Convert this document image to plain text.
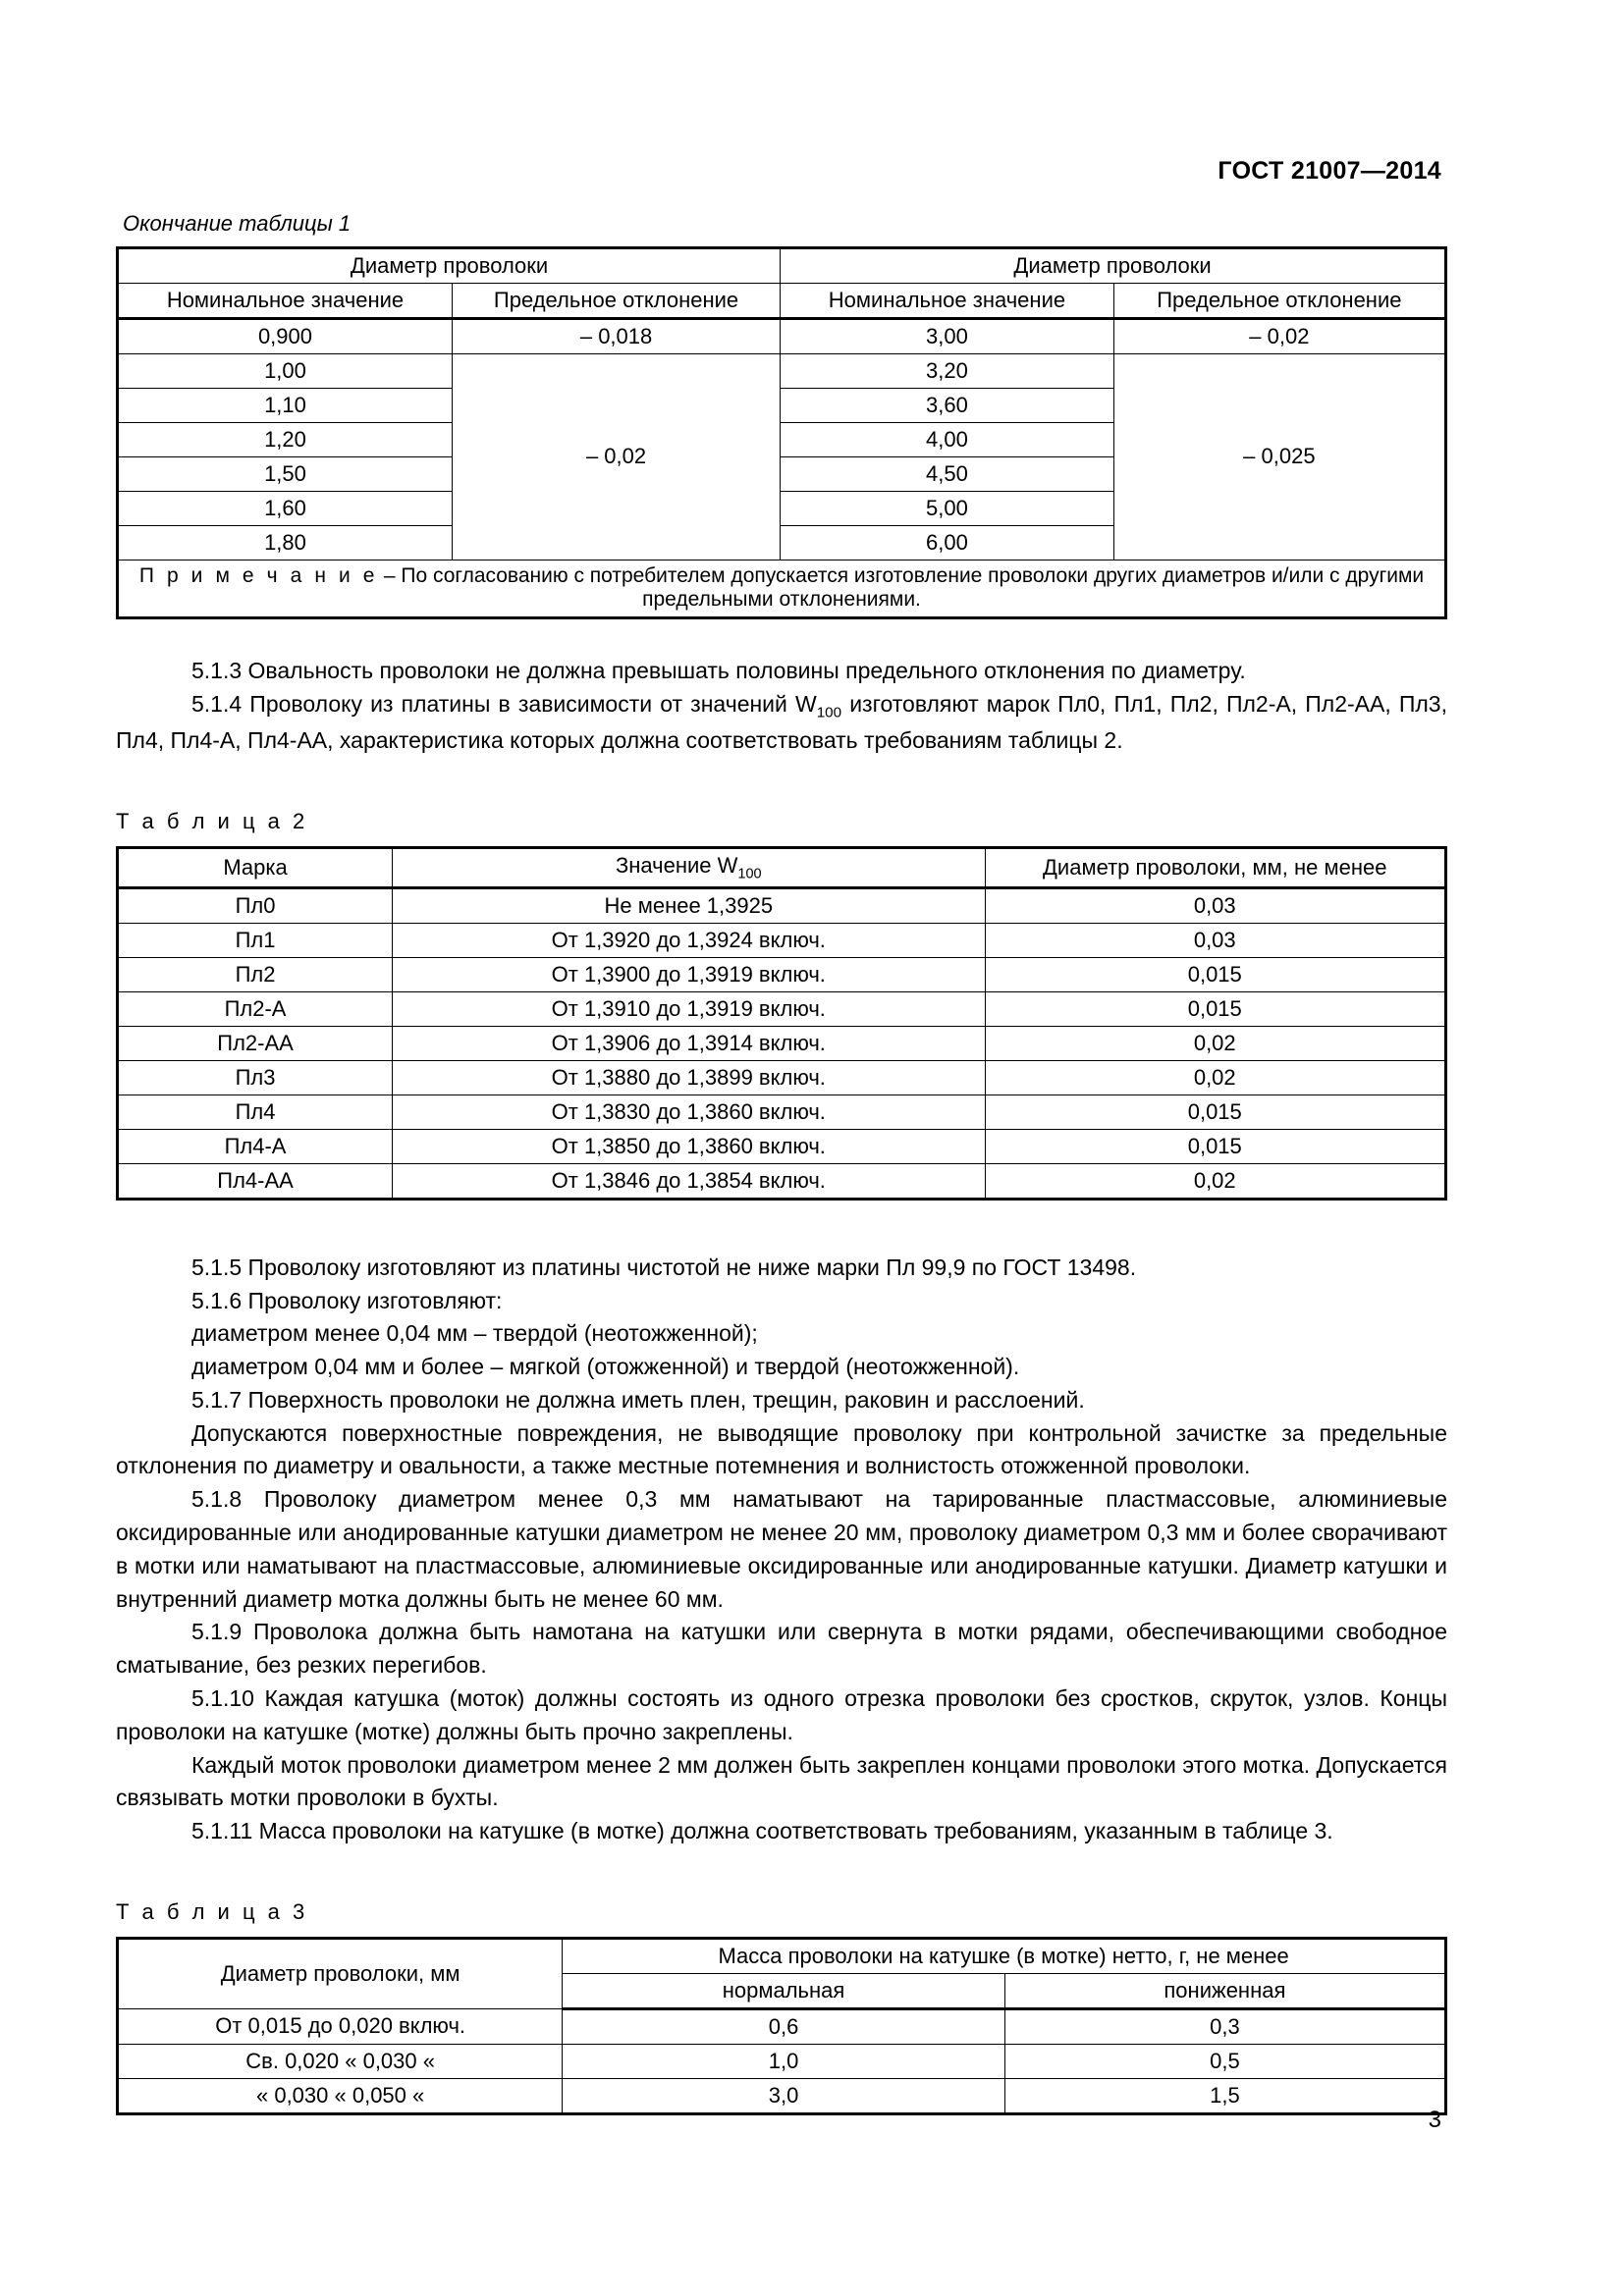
ГОСТ 21007—2014
Окончание таблицы 1
Диаметр проволоки		Диаметр проволоки	
Номинальное значение	Предельное отклонение	Номинальное значение	Предельное отклонение
0,900	– 0,018	3,00	– 0,02
1,00	– 0,02	3,20	– 0,025
1,10		3,60	
1,20		4,00	
1,50		4,50	
1,60		5,00	
1,80		6,00	
П р и м е ч а н и е – По согласованию с потребителем допускается изготовление проволоки других диаметров и/или с другими предельными отклонениями.			

5.1.3 Овальность проволоки не должна превышать половины предельного отклонения по диаметру.

5.1.4 Проволоку из платины в зависимости от значений $W_{100}$ изготовляют марок Пл0, Пл1, Пл2, Пл2-А, Пл2-АА, Пл3, Пл4, Пл4-А, Пл4-АА, характеристика которых должна соответствовать требованиям таблицы 2.

Т а б л и ц а 2
Марка	Значение $W_{100}$	Диаметр проволоки, мм, не менее
Пл0	Не менее 1,3925	0,03
Пл1	От 1,3920 до 1,3924 включ.	0,03
Пл2	От 1,3900 до 1,3919 включ.	0,015
Пл2-А	От 1,3910 до 1,3919 включ.	0,015
Пл2-АА	От 1,3906 до 1,3914 включ.	0,02
Пл3	От 1,3880 до 1,3899 включ.	0,02
Пл4	От 1,3830 до 1,3860 включ.	0,015
Пл4-А	От 1,3850 до 1,3860 включ.	0,015
Пл4-АА	От 1,3846 до 1,3854 включ.	0,02

5.1.5 Проволоку изготовляют из платины чистотой не ниже марки Пл 99,9 по ГОСТ 13498.

5.1.6 Проволоку изготовляют:

диаметром менее 0,04 мм – твердой (неотожженной);

диаметром 0,04 мм и более – мягкой (отожженной) и твердой (неотожженной).

5.1.7 Поверхность проволоки не должна иметь плен, трещин, раковин и расслоений.

Допускаются поверхностные повреждения, не выводящие проволоку при контрольной зачистке за предельные отклонения по диаметру и овальности, а также местные потемнения и волнистость отожженной проволоки.

5.1.8 Проволоку диаметром менее 0,3 мм наматывают на тарированные пластмассовые, алюминиевые оксидированные или анодированные катушки диаметром не менее 20 мм, проволоку диаметром 0,3 мм и более сворачивают в мотки или наматывают на пластмассовые, алюминиевые оксидированные или анодированные катушки. Диаметр катушки и внутренний диаметр мотка должны быть не менее 60 мм.

5.1.9 Проволока должна быть намотана на катушки или свернута в мотки рядами, обеспечивающими свободное сматывание, без резких перегибов.

5.1.10 Каждая катушка (моток) должны состоять из одного отрезка проволоки без сростков, скруток, узлов. Концы проволоки на катушке (мотке) должны быть прочно закреплены.

Каждый моток проволоки диаметром менее 2 мм должен быть закреплен концами проволоки этого мотка. Допускается связывать мотки проволоки в бухты.

5.1.11 Масса проволоки на катушке (в мотке) должна соответствовать требованиям, указанным в таблице 3.

Т а б л и ц а 3
Диаметр проволоки, мм	Масса проволоки на катушке (в мотке) нетто, г, не менее	
	нормальная	пониженная
От 0,015 до 0,020 включ.	0,6	0,3
Св. 0,020 « 0,030 «	1,0	0,5
« 0,030 « 0,050 «	3,0	1,5
3
